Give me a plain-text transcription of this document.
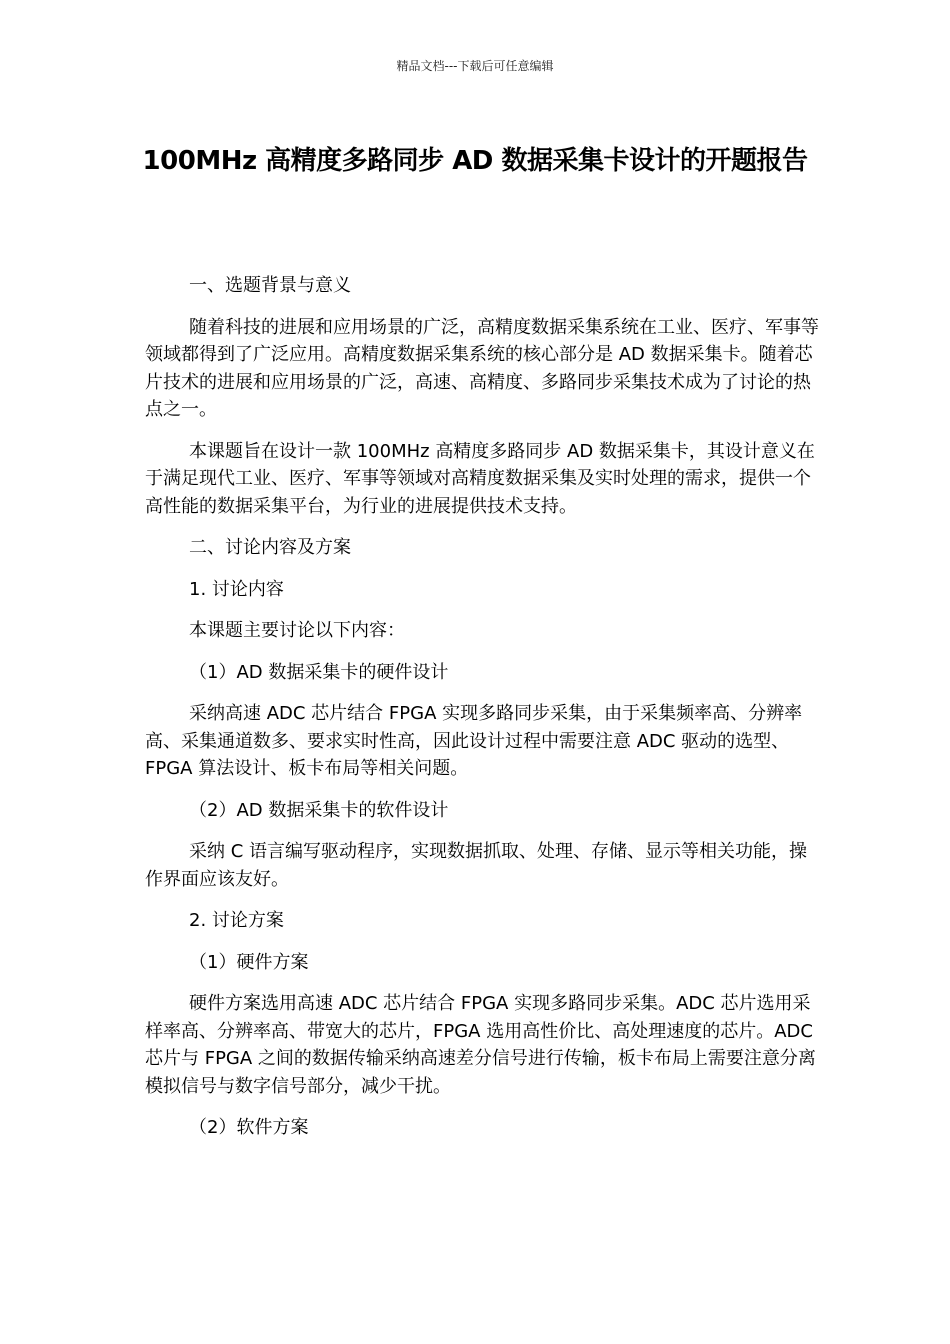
精品文档---下载后可任意编辑
100MHz 高精度多路同步 AD 数据采集卡设计的开题报告

一、选题背景与意义

随着科技的进展和应用场景的广泛，高精度数据采集系统在工业、医疗、军事等领域都得到了广泛应用。高精度数据采集系统的核心部分是 AD 数据采集卡。随着芯片技术的进展和应用场景的广泛，高速、高精度、多路同步采集技术成为了讨论的热点之一。

本课题旨在设计一款 100MHz 高精度多路同步 AD 数据采集卡，其设计意义在于满足现代工业、医疗、军事等领域对高精度数据采集及实时处理的需求，提供一个高性能的数据采集平台，为行业的进展提供技术支持。

二、讨论内容及方案

1. 讨论内容

本课题主要讨论以下内容：

（1）AD 数据采集卡的硬件设计

采纳高速 ADC 芯片结合 FPGA 实现多路同步采集，由于采集频率高、分辨率高、采集通道数多、要求实时性高，因此设计过程中需要注意 ADC 驱动的选型、FPGA 算法设计、板卡布局等相关问题。

（2）AD 数据采集卡的软件设计

采纳 C 语言编写驱动程序，实现数据抓取、处理、存储、显示等相关功能，操作界面应该友好。

2. 讨论方案

（1）硬件方案

硬件方案选用高速 ADC 芯片结合 FPGA 实现多路同步采集。ADC 芯片选用采样率高、分辨率高、带宽大的芯片，FPGA 选用高性价比、高处理速度的芯片。ADC 芯片与 FPGA 之间的数据传输采纳高速差分信号进行传输，板卡布局上需要注意分离模拟信号与数字信号部分，减少干扰。

（2）软件方案
